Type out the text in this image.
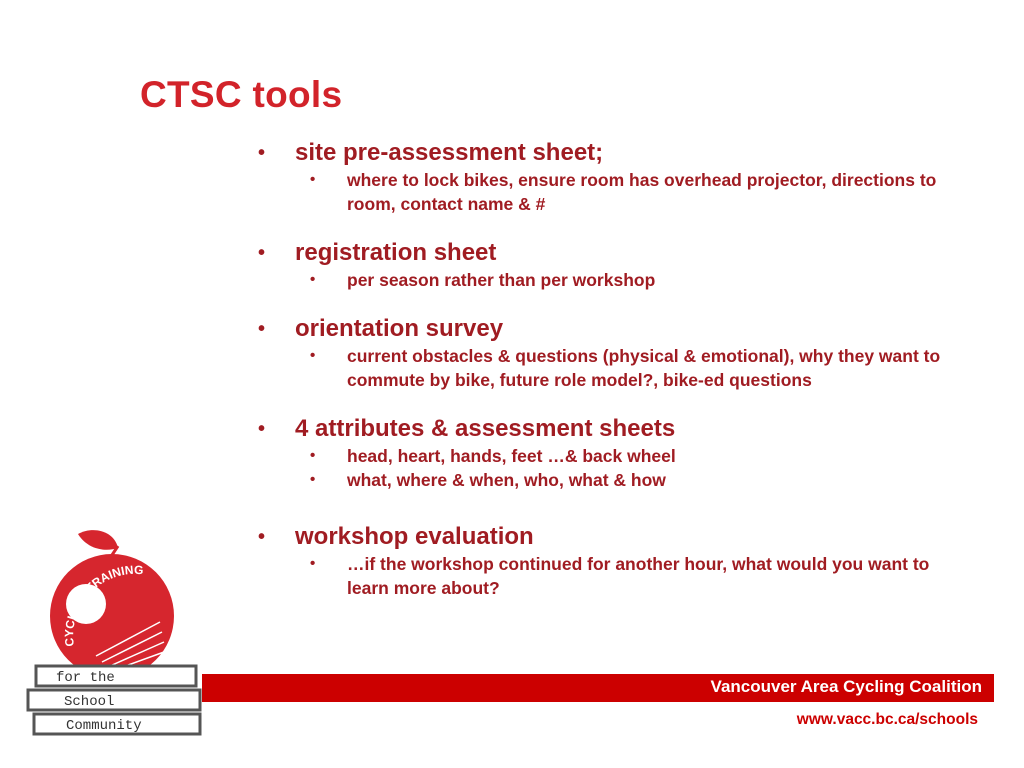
CTSC tools
• site pre-assessment sheet;
• where to lock bikes, ensure room has overhead projector, directions to room, contact name & #
• registration sheet
• per season rather than per workshop
• orientation survey
• current obstacles & questions (physical & emotional), why they want to commute by bike, future role model?, bike-ed questions
• 4 attributes & assessment sheets
• head, heart, hands, feet …& back wheel
• what, where & when, who, what & how
• workshop evaluation
• …if the workshop continued for another hour, what would you want to learn more about?
CYCLING TRAINING
for the
School
Community
Vancouver Area Cycling Coalition
www.vacc.bc.ca/schools
